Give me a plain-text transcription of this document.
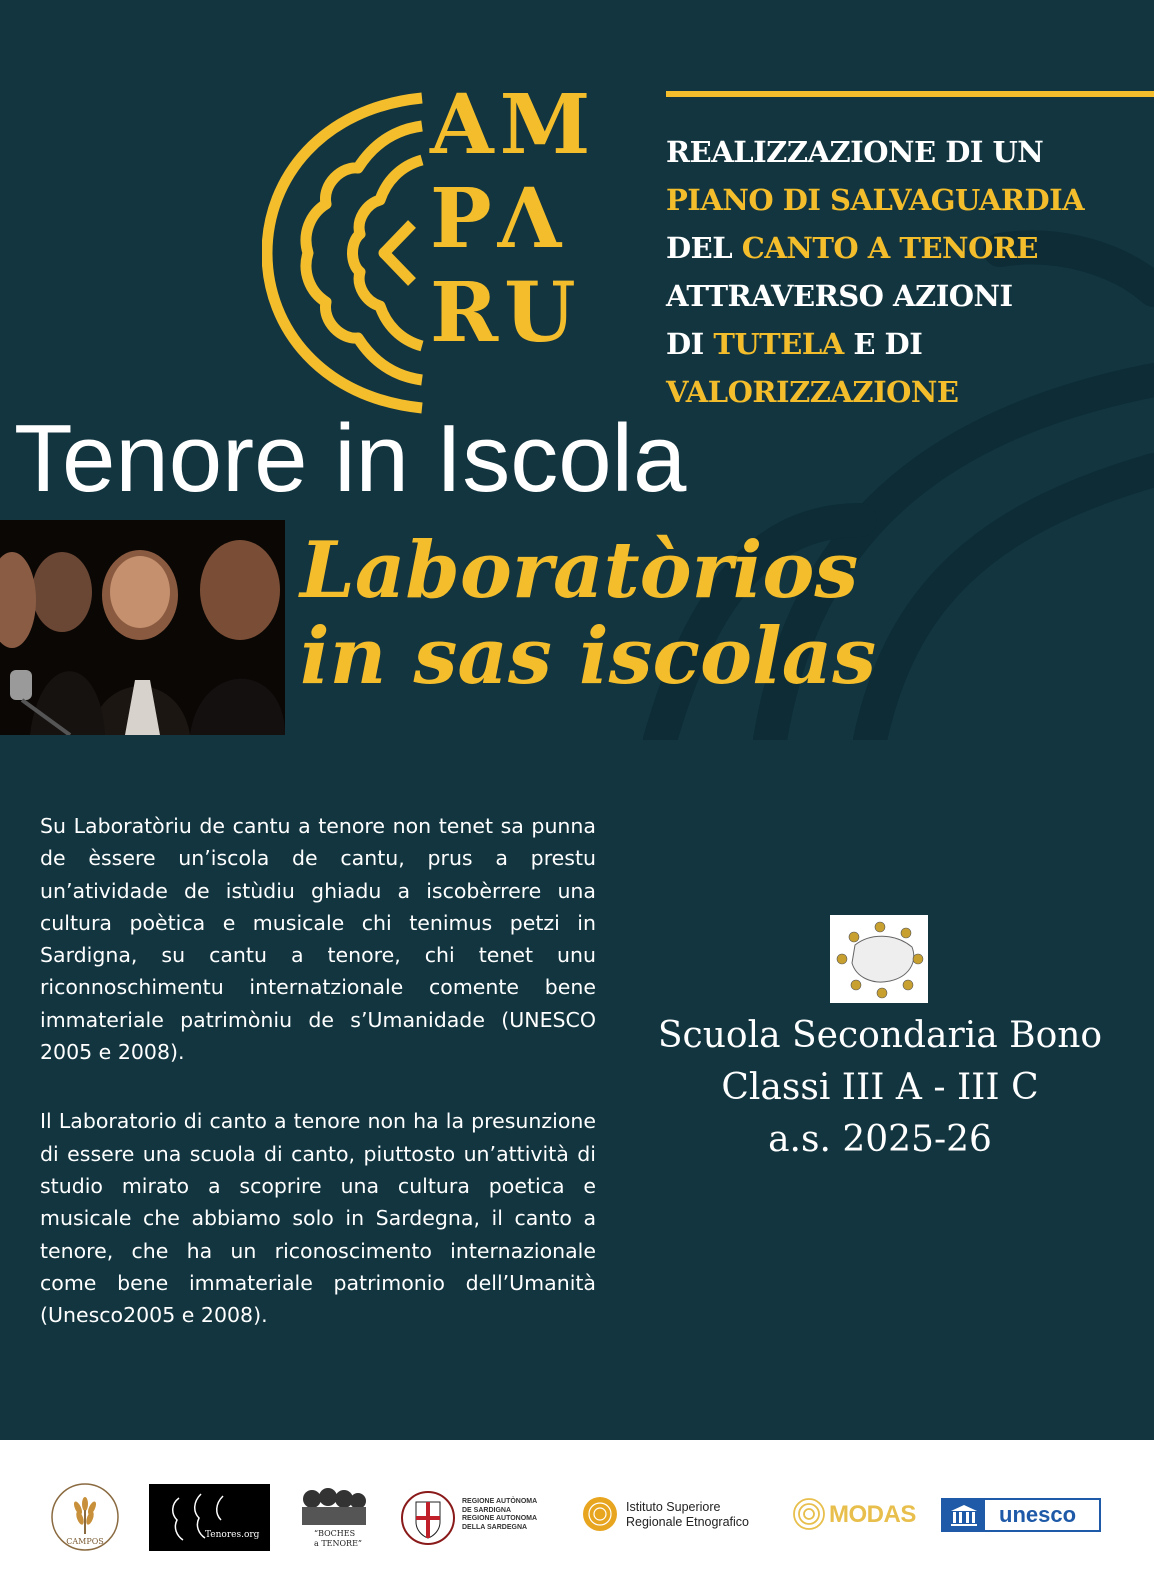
AM
PΛ
RU
REALIZZAZIONE DI UN
PIANO DI SALVAGUARDIA
DEL CANTO A TENORE
ATTRAVERSO AZIONI
DI TUTELA E DI
VALORIZZAZIONE
Tenore in Iscola
Laboratòrios
in sas iscolas

Su Laboratòriu de cantu a tenore non tenet sa punna de èssere un’iscola de cantu, prus a prestu un’atividade de istùdiu ghiadu a iscobèrrere una cultura poètica e musicale chi tenimus petzi in Sardigna, su cantu a tenore, chi tenet unu riconnoschimentu internatzionale comente bene immateriale patrimòniu de s’Umanidade (UNESCO 2005 e 2008).

Il Laboratorio di canto a tenore non ha la presunzione di essere una scuola di canto, piuttosto un’attività di studio mirato a scoprire una cultura poetica e musicale che abbiamo solo in Sardegna, il canto a tenore, che ha un riconoscimento internazionale come bene immateriale patrimonio dell’Umanità (Unesco2005 e 2008).

Scuola Secondaria Bono
Classi III A - III C
a.s. 2025-26
CAMPOS
Tenores.org	“BOCHES
a TENORE”
REGIONE AUTÒNOMA
DE SARDIGNA
REGIONE AUTONOMA
DELLA SARDEGNA
Istituto Superiore
Regionale Etnografico	MODAS	unesco
